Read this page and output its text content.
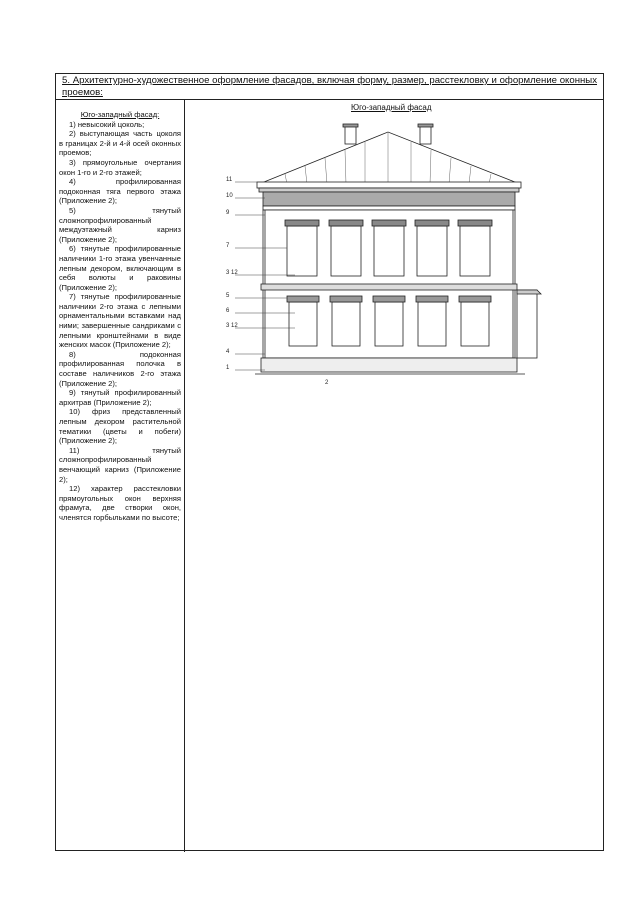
5. Архитектурно-художественное оформление фасадов, включая форму, размер, расстекловку и оформление оконных проемов:
Юго-западный фасад:
1) невысокий цоколь;
2) выступающая часть цоколя в границах 2-й и 4-й осей оконных проемов;
3) прямоугольные очертания окон 1-го и 2-го этажей;
4) профилированная подоконная тяга первого этажа (Приложение 2);
5) тянутый сложнопрофилированный междуэтажный карниз (Приложение 2);
6) тянутые профилированные наличники 1-го этажа увенчанные лепным декором, включающим в себя волюты и раковины (Приложение 2);
7) тянутые профилированные наличники 2-го этажа с лепными орнаментальными вставками над ними; завершенные сандриками с лепными кронштейнами в виде женских масок (Приложение 2);
8) подоконная профилированная полочка в составе наличников 2-го этажа (Приложение 2);
9) тянутый профилированный архитрав (Приложение 2);
10) фриз представленный лепным декором растительной тематики (цветы и побеги) (Приложение 2);
11) тянутый сложнопрофилированный венчающий карниз (Приложение 2);
12) характер расстекловки прямоугольных окон верхняя фрамуга, две створки окон, членятся горбыльками по высоте;
Юго-западный фасад
11
10
9
7
3 12
5
6
3 12
4
1
2
